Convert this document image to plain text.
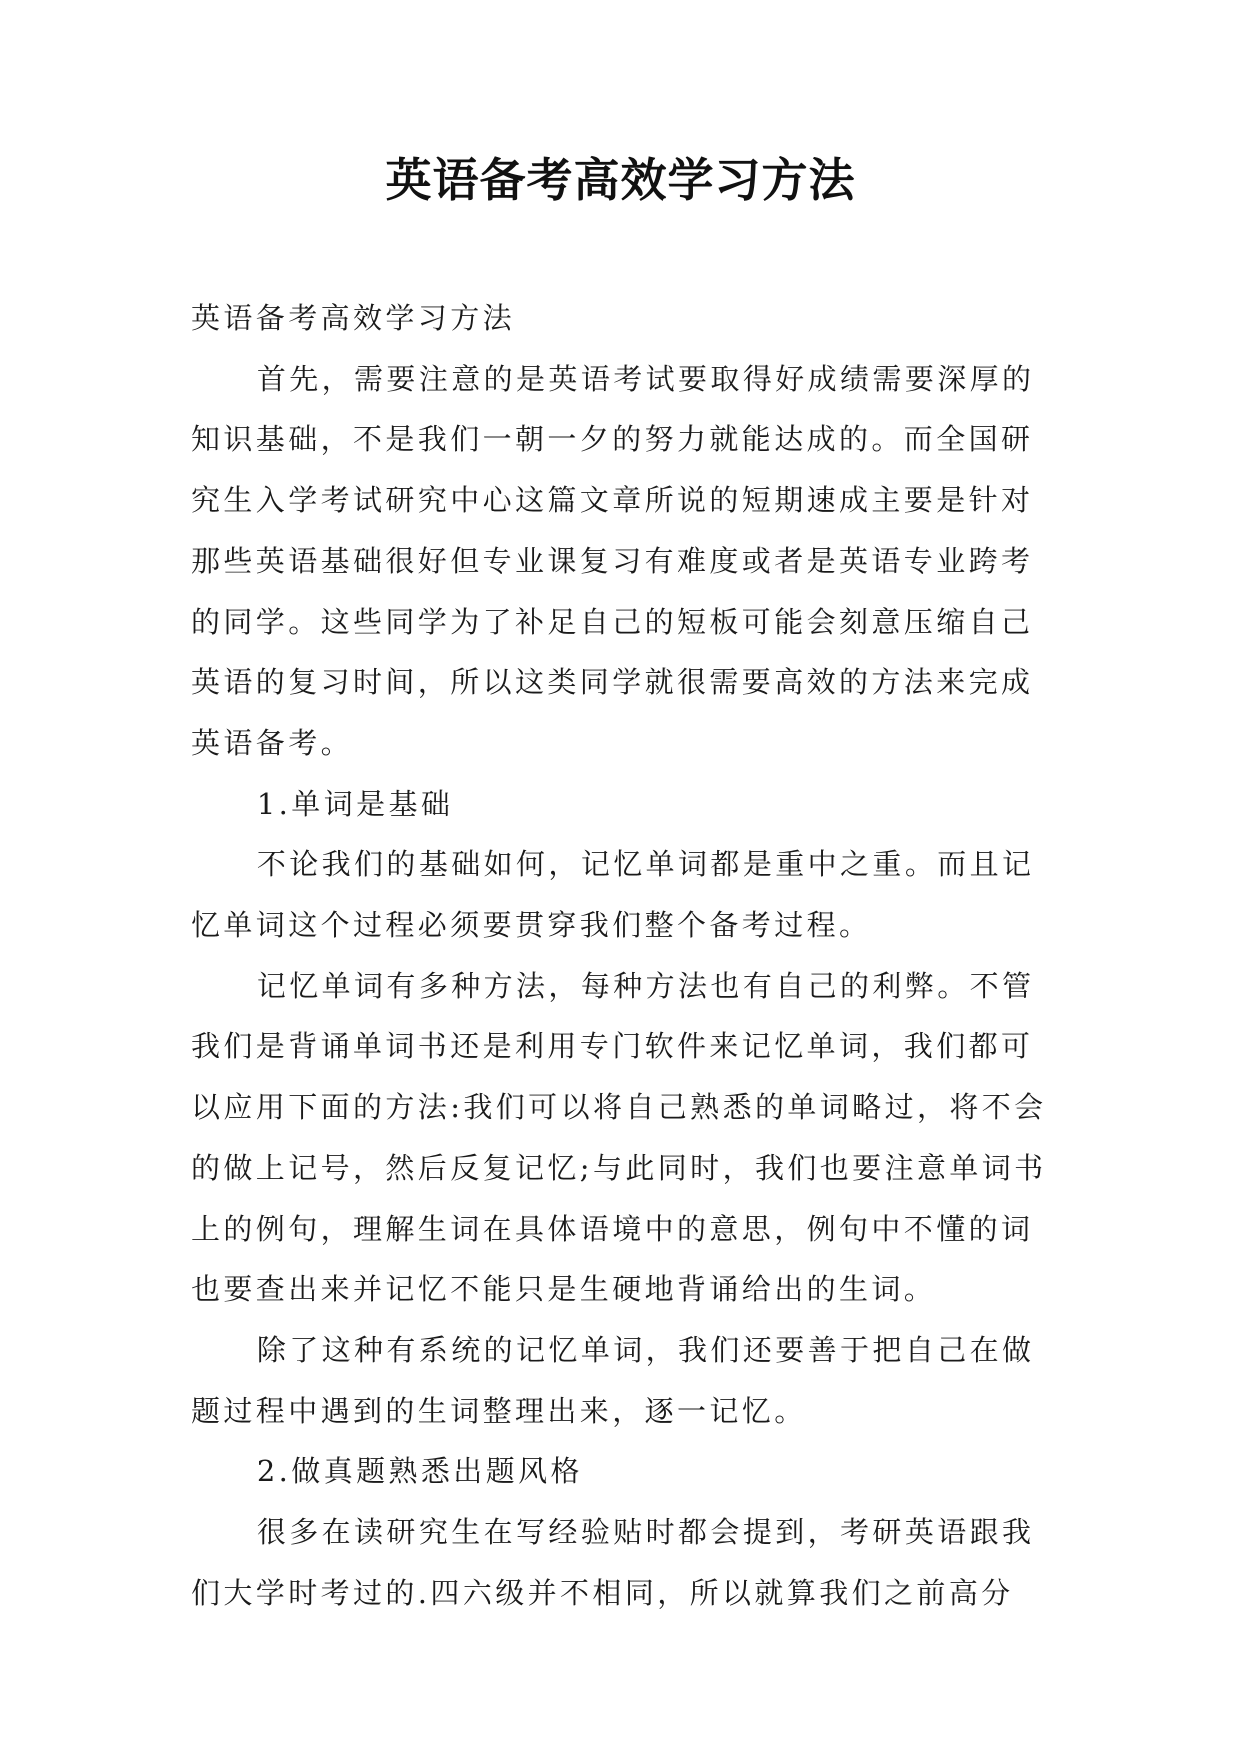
英语备考高效学习方法

英语备考高效学习方法

首先，需要注意的是英语考试要取得好成绩需要深厚的知识基础，不是我们一朝一夕的努力就能达成的。而全国研究生入学考试研究中心这篇文章所说的短期速成主要是针对那些英语基础很好但专业课复习有难度或者是英语专业跨考的同学。这些同学为了补足自己的短板可能会刻意压缩自己英语的复习时间，所以这类同学就很需要高效的方法来完成英语备考。

1.单词是基础

不论我们的基础如何，记忆单词都是重中之重。而且记忆单词这个过程必须要贯穿我们整个备考过程。

记忆单词有多种方法，每种方法也有自己的利弊。不管我们是背诵单词书还是利用专门软件来记忆单词，我们都可以应用下面的方法:我们可以将自己熟悉的单词略过，将不会的做上记号，然后反复记忆;与此同时，我们也要注意单词书上的例句，理解生词在具体语境中的意思，例句中不懂的词也要查出来并记忆不能只是生硬地背诵给出的生词。

除了这种有系统的记忆单词，我们还要善于把自己在做题过程中遇到的生词整理出来，逐一记忆。

2.做真题熟悉出题风格

很多在读研究生在写经验贴时都会提到，考研英语跟我们大学时考过的.四六级并不相同，所以就算我们之前高分
